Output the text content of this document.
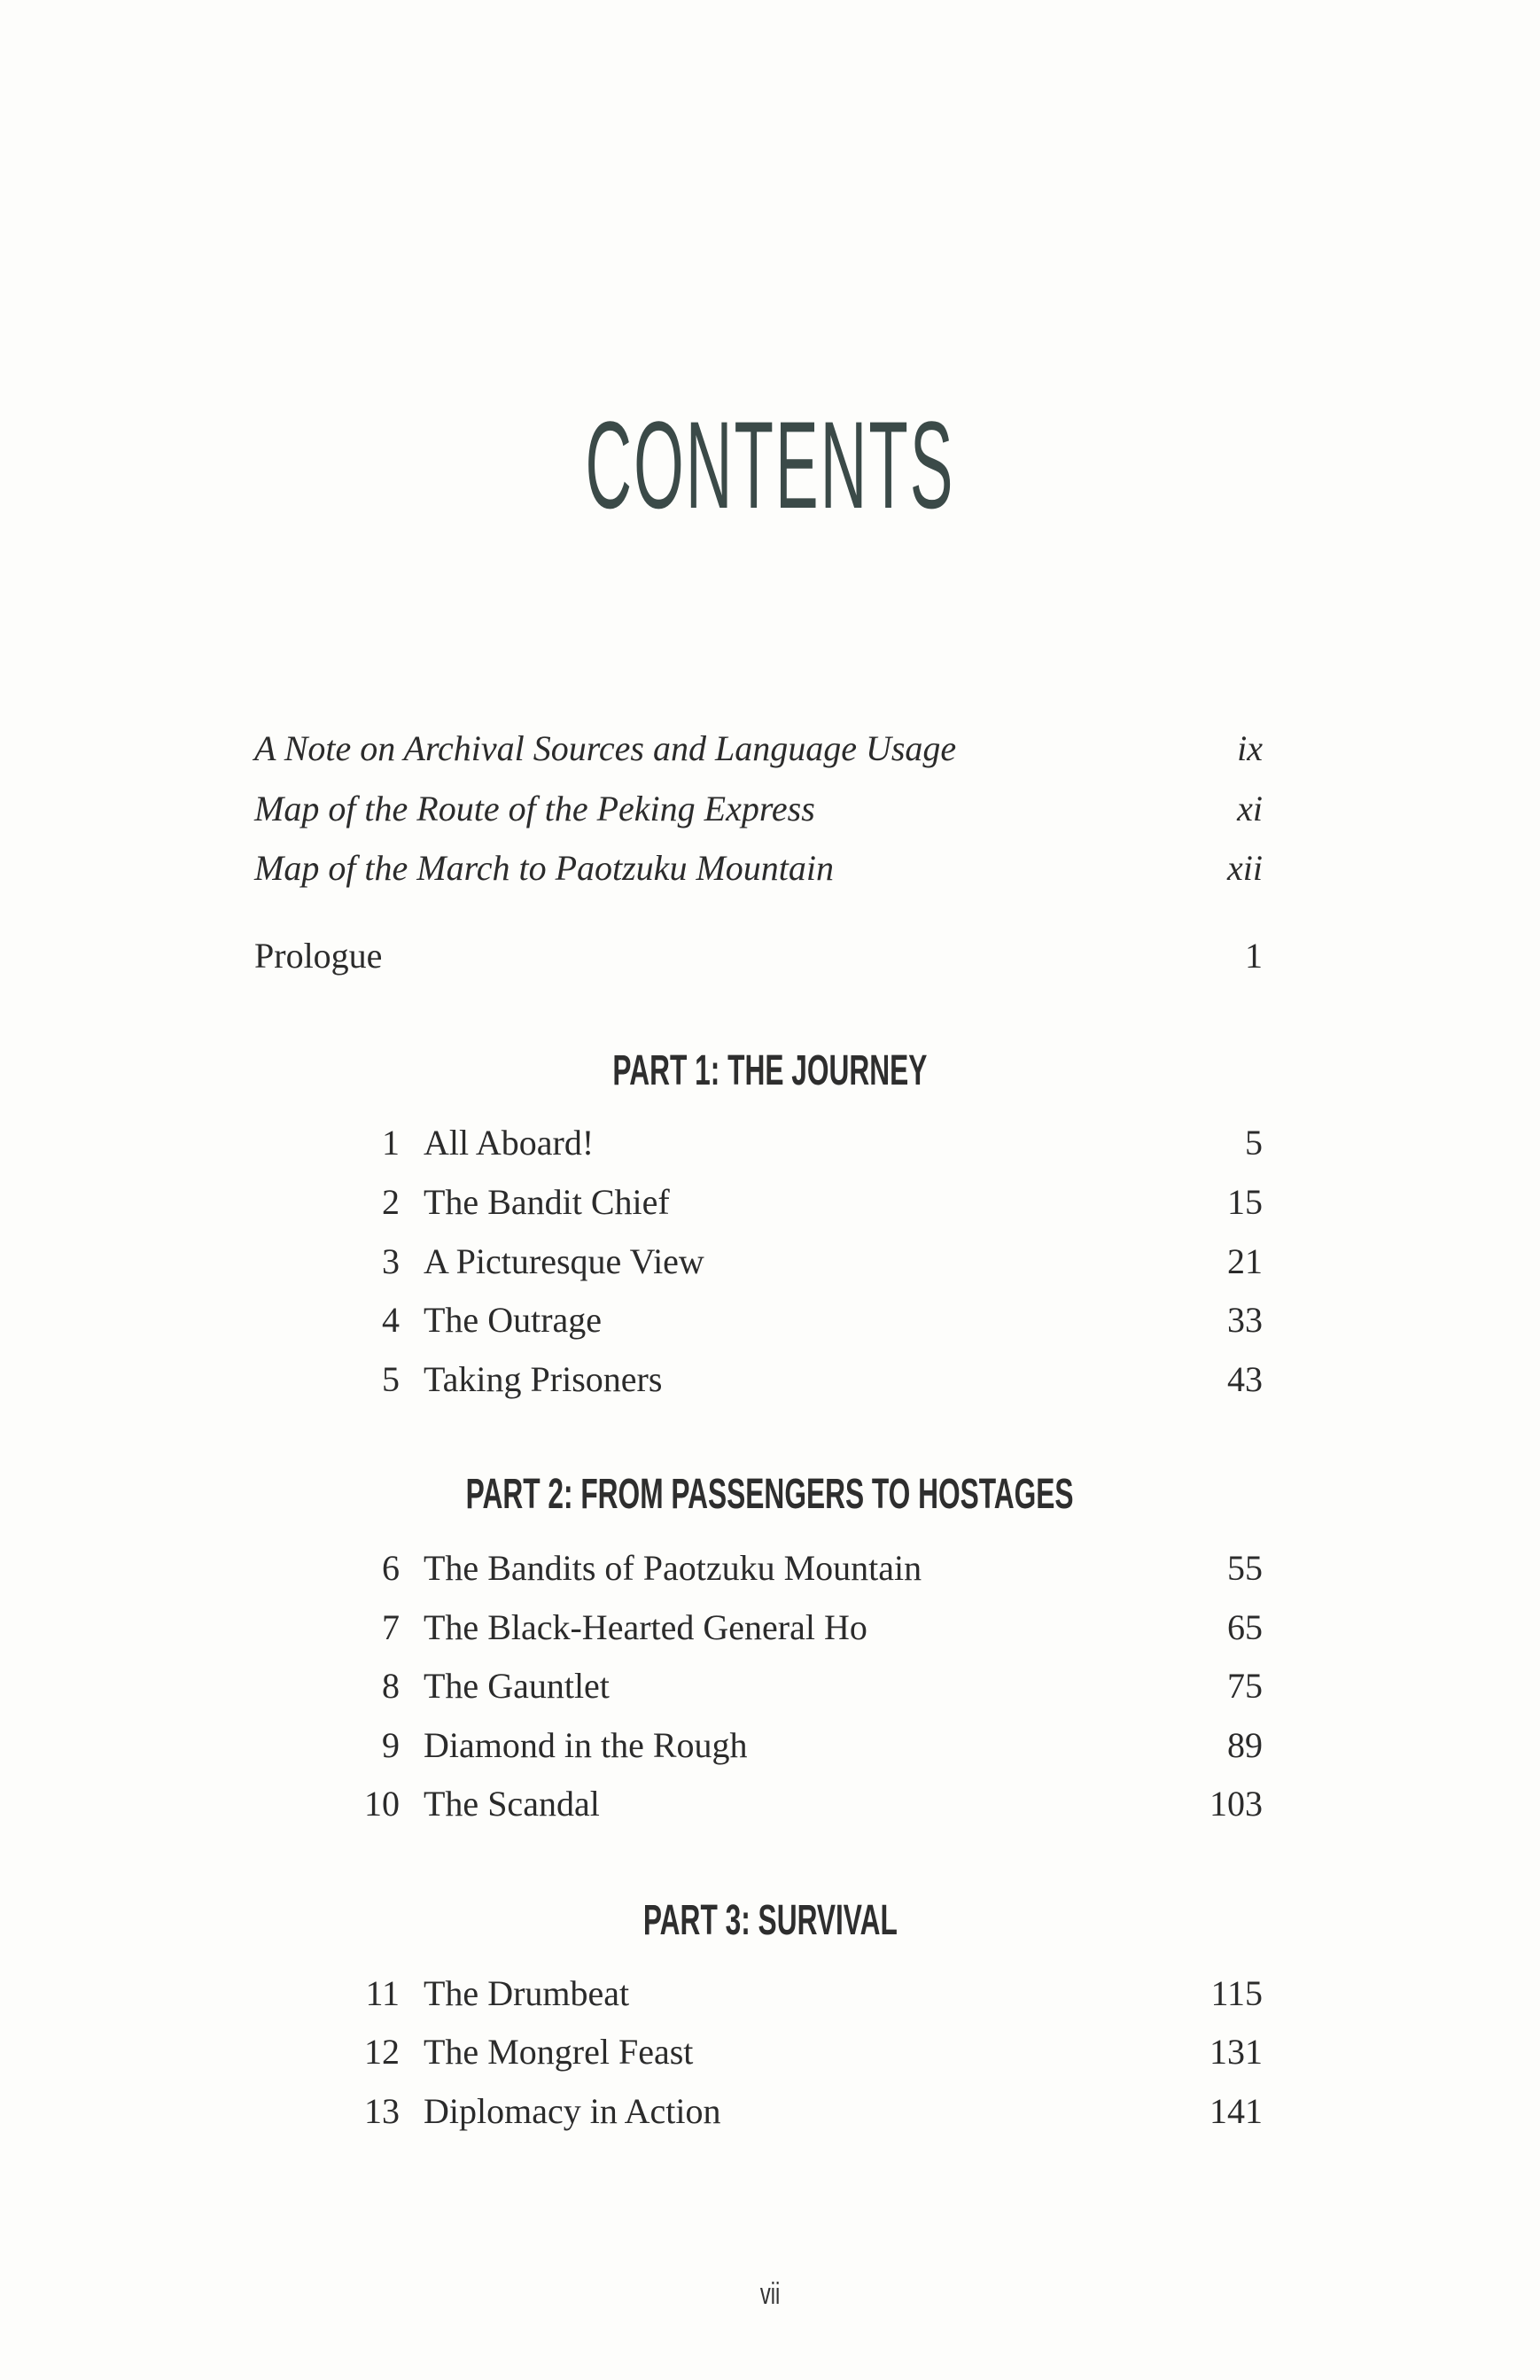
CONTENTS
A Note on Archival Sources and Language Usage	ix
Map of the Route of the Peking Express	xi
Map of the March to Paotzuku Mountain	xii
Prologue	1
PART 1: THE JOURNEY
1 All Aboard!	5
2 The Bandit Chief	15
3 A Picturesque View	21
4 The Outrage	33
5 Taking Prisoners	43
PART 2: FROM PASSENGERS TO HOSTAGES
6 The Bandits of Paotzuku Mountain	55
7 The Black-Hearted General Ho	65
8 The Gauntlet	75
9 Diamond in the Rough	89
10 The Scandal	103
PART 3: SURVIVAL
11 The Drumbeat	115
12 The Mongrel Feast	131
13 Diplomacy in Action	141
vii
